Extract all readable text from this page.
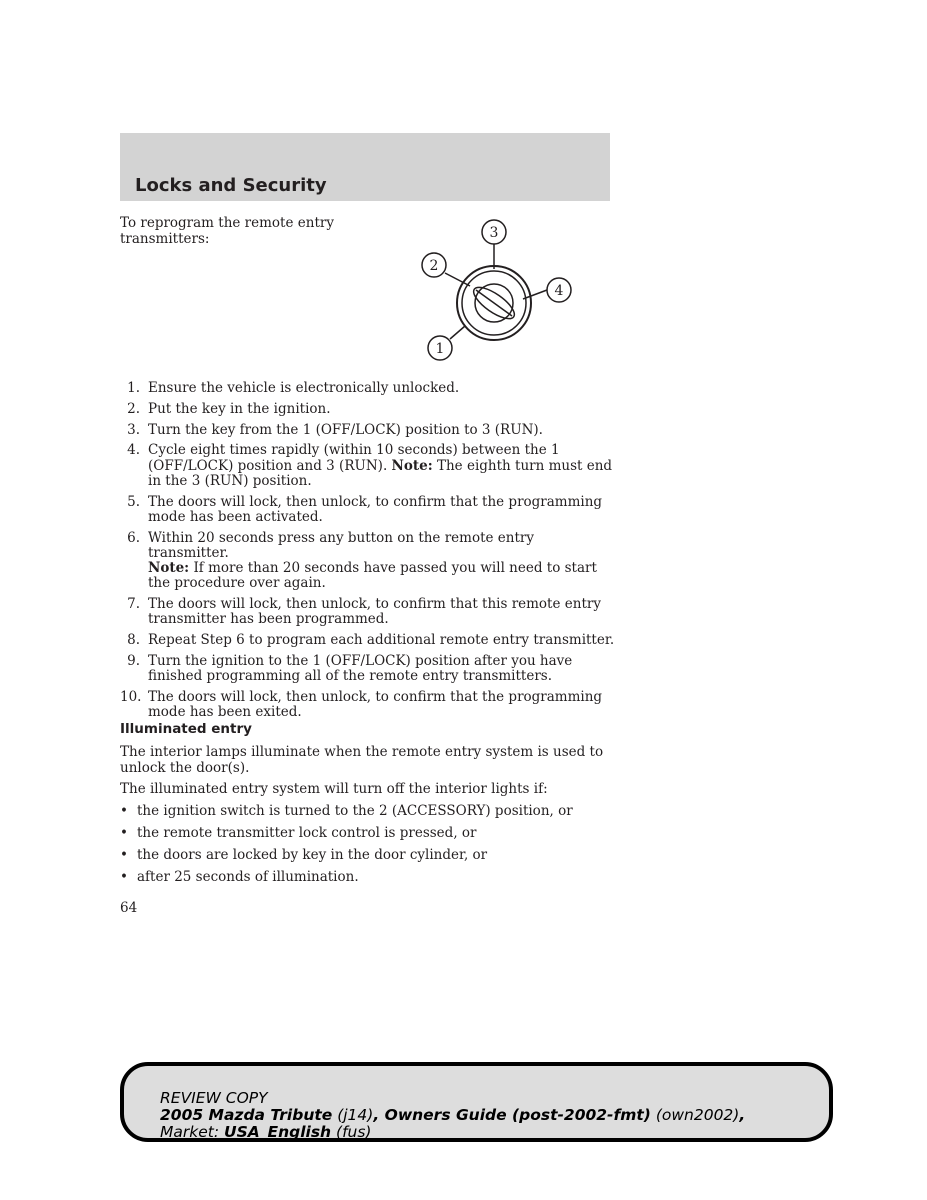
Locks and Security

To reprogram the remote entry transmitters:

1
2
3
4
1. Ensure the vehicle is electronically unlocked.
2. Put the key in the ignition.
3. Turn the key from the 1 (OFF/LOCK) position to 3 (RUN).
4. Cycle eight times rapidly (within 10 seconds) between the 1 (OFF/LOCK) position and 3 (RUN). Note: The eighth turn must end in the 3 (RUN) position.
5. The doors will lock, then unlock, to confirm that the programming mode has been activated.
6. Within 20 seconds press any button on the remote entry transmitter.
Note: If more than 20 seconds have passed you will need to start the procedure over again.
7. The doors will lock, then unlock, to confirm that this remote entry transmitter has been programmed.
8. Repeat Step 6 to program each additional remote entry transmitter.
9. Turn the ignition to the 1 (OFF/LOCK) position after you have finished programming all of the remote entry transmitters.
10. The doors will lock, then unlock, to confirm that the programming mode has been exited.
Illuminated entry

The interior lamps illuminate when the remote entry system is used to unlock the door(s).

The illuminated entry system will turn off the interior lights if:

• the ignition switch is turned to the 2 (ACCESSORY) position, or
• the remote transmitter lock control is pressed, or
• the doors are locked by key in the door cylinder, or
• after 25 seconds of illumination.

64

REVIEW COPY
2005 Mazda Tribute (j14), Owners Guide (post-2002-fmt) (own2002),
Market: USA_English (fus)
